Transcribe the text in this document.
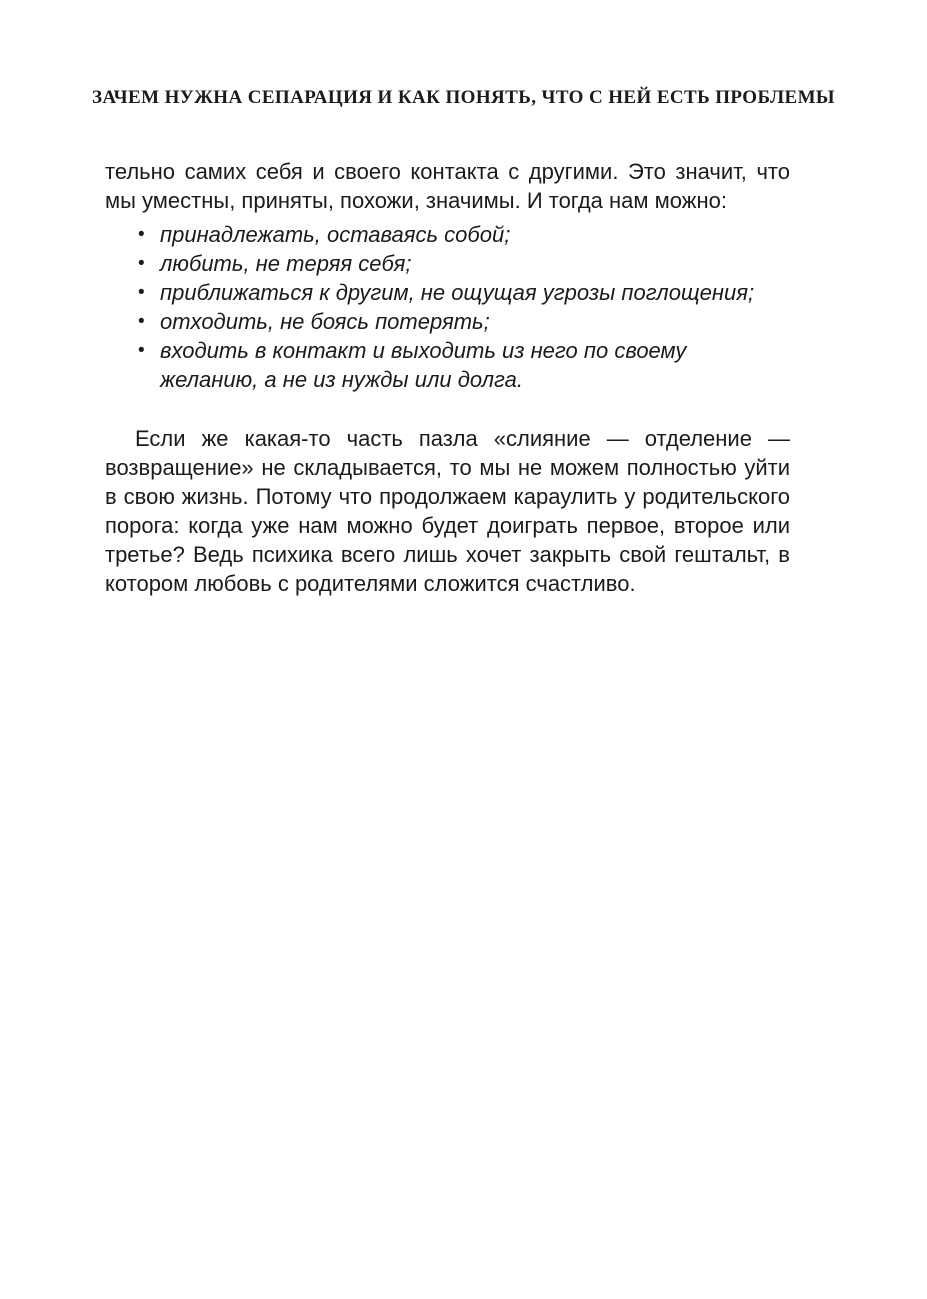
ЗАЧЕМ НУЖНА СЕПАРАЦИЯ И КАК ПОНЯТЬ, ЧТО С НЕЙ ЕСТЬ ПРОБЛЕМЫ

тельно самих себя и своего контакта с другими. Это значит, что мы уместны, приняты, похожи, значимы. И тогда нам можно:

• принадлежать, оставаясь собой;
• любить, не теряя себя;
• приближаться к другим, не ощущая угрозы поглощения;
• отходить, не боясь потерять;
• входить в контакт и выходить из него по своему желанию, а не из нужды или долга.

Если же какая-то часть пазла «слияние — отделение — возвращение» не складывается, то мы не можем полностью уйти в свою жизнь. Потому что продолжаем караулить у родительского порога: когда уже нам можно будет доиграть первое, второе или третье? Ведь психика всего лишь хочет закрыть свой гештальт, в котором любовь с родителями сложится счастливо.
